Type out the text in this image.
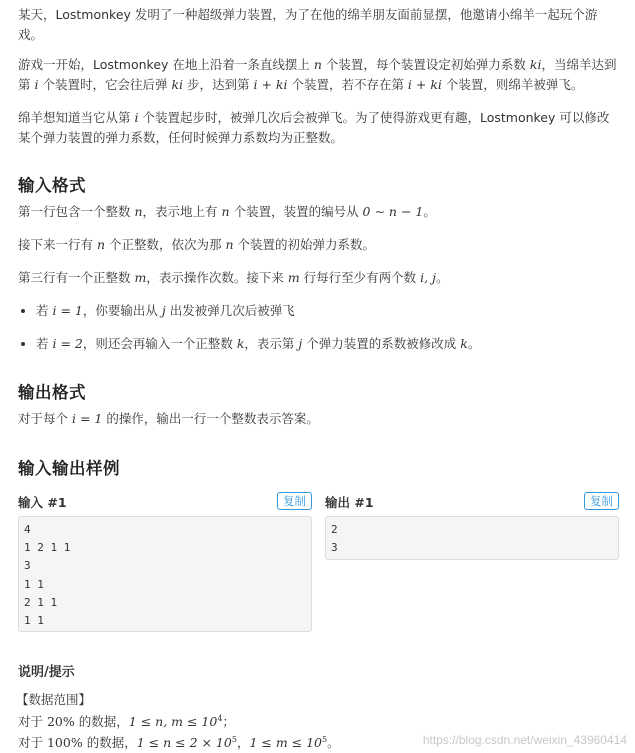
某天，Lostmonkey 发明了一种超级弹力装置，为了在他的绵羊朋友面前显摆，他邀请小绵羊一起玩个游戏。

游戏一开始，Lostmonkey 在地上沿着一条直线摆上 n 个装置，每个装置设定初始弹力系数 ki，当绵羊达到第 i 个装置时，它会往后弹 ki 步，达到第 i + ki 个装置，若不存在第 i + ki 个装置，则绵羊被弹飞。

绵羊想知道当它从第 i 个装置起步时，被弹几次后会被弹飞。为了使得游戏更有趣，Lostmonkey 可以修改某个弹力装置的弹力系数，任何时候弹力系数均为正整数。

输入格式

第一行包含一个整数 n，表示地上有 n 个装置，装置的编号从 0 ∼ n − 1。

接下来一行有 n 个正整数，依次为那 n 个装置的初始弹力系数。

第三行有一个正整数 m，表示操作次数。接下来 m 行每行至少有两个数 i, j。

• 若 i = 1，你要输出从 j 出发被弹几次后被弹飞
• 若 i = 2，则还会再输入一个正整数 k，表示第 j 个弹力装置的系数被修改成 k。
输出格式

对于每个 i = 1 的操作，输出一行一个整数表示答案。

输入输出样例
输入 #1	复制
4
1 2 1 1
3
1 1
2 1 1
1 1
输出 #1	复制
2
3
说明/提示

【数据范围】

对于 20% 的数据，1 ≤ n, $m \le 10^4$；

对于 100% 的数据，$1 \le n \le 2 \times 10^5$，$1 \le m \le 10^5$。	https://blog.csdn.net/weixin_43960414
